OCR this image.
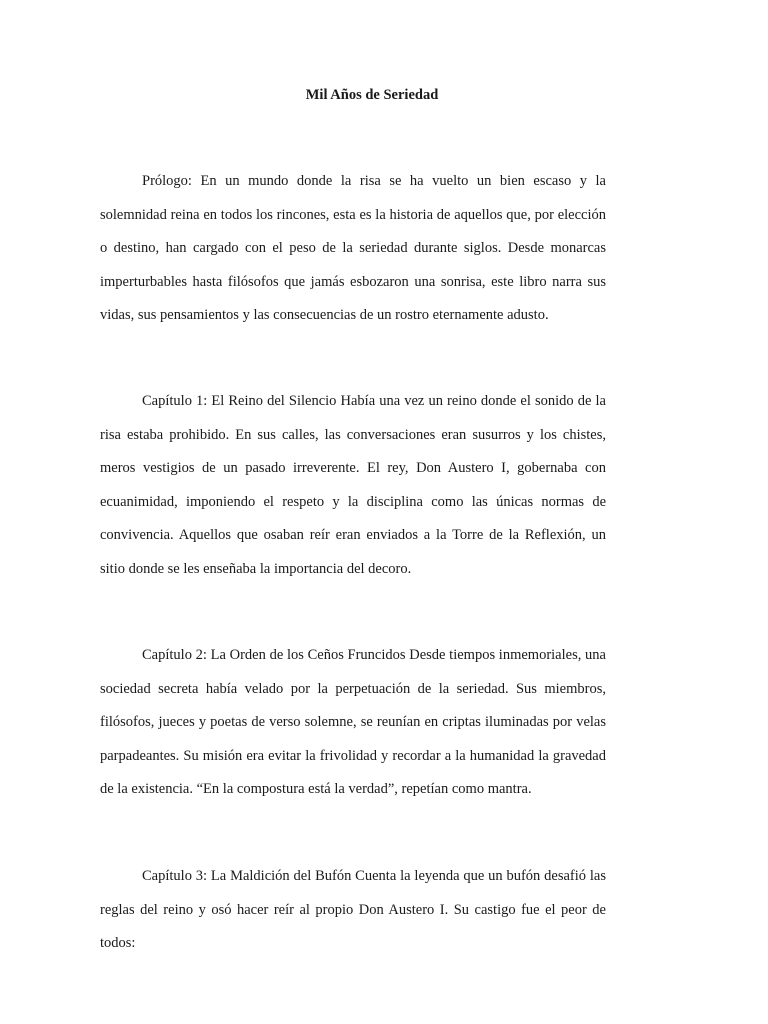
Mil Años de Seriedad

Prólogo: En un mundo donde la risa se ha vuelto un bien escaso y la solemnidad reina en todos los rincones, esta es la historia de aquellos que, por elección o destino, han cargado con el peso de la seriedad durante siglos. Desde monarcas imperturbables hasta filósofos que jamás esbozaron una sonrisa, este libro narra sus vidas, sus pensamientos y las consecuencias de un rostro eternamente adusto.

Capítulo 1: El Reino del Silencio Había una vez un reino donde el sonido de la risa estaba prohibido. En sus calles, las conversaciones eran susurros y los chistes, meros vestigios de un pasado irreverente. El rey, Don Austero I, gobernaba con ecuanimidad, imponiendo el respeto y la disciplina como las únicas normas de convivencia. Aquellos que osaban reír eran enviados a la Torre de la Reflexión, un sitio donde se les enseñaba la importancia del decoro.

Capítulo 2: La Orden de los Ceños Fruncidos Desde tiempos inmemoriales, una sociedad secreta había velado por la perpetuación de la seriedad. Sus miembros, filósofos, jueces y poetas de verso solemne, se reunían en criptas iluminadas por velas parpadeantes. Su misión era evitar la frivolidad y recordar a la humanidad la gravedad de la existencia. “En la compostura está la verdad”, repetían como mantra.

Capítulo 3: La Maldición del Bufón Cuenta la leyenda que un bufón desafió las reglas del reino y osó hacer reír al propio Don Austero I. Su castigo fue el peor de todos:
